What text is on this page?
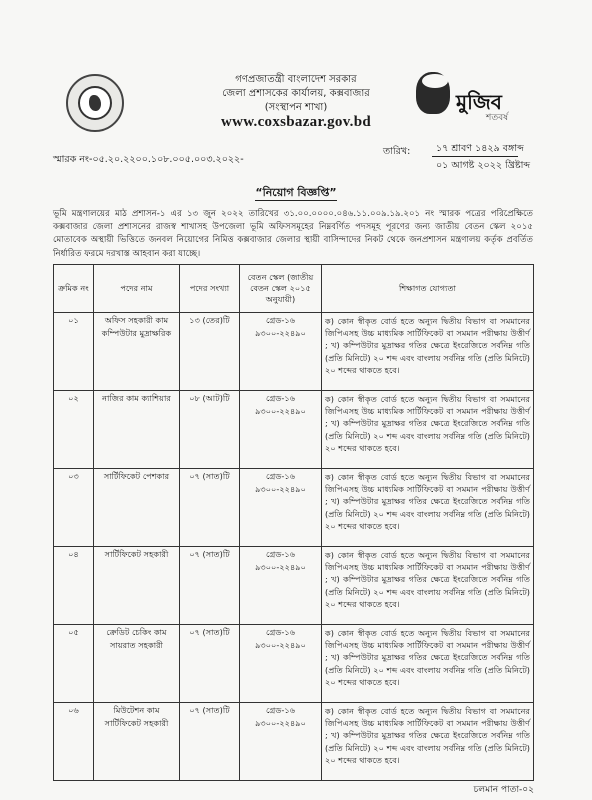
মুজিব
শতবর্ষ
গণপ্রজাতন্ত্রী বাংলাদেশ সরকার
জেলা প্রশাসকের কার্যালয়, কক্সবাজার
(সংস্থাপন শাখা)
www.coxsbazar.gov.bd
স্মারক নং-০৫.২০.২২০০.১০৮.০০৫.০০৩.২০২২-
তারিখ:	১৭ শ্রাবণ ১৪২৯ বঙ্গাব্দ
০১ আগষ্ট ২০২২ খ্রিষ্টাব্দ
“নিয়োগ বিজ্ঞপ্তি”
ভূমি মন্ত্রণালয়ের মাঠ প্রশাসন-১ এর ১৩ জুন ২০২২ তারিখের ৩১.০০.০০০০.০৪৬.১১.০০৯.১৯.২০১ নং স্মারক পত্রের পরিপ্রেক্ষিতে কক্সবাজার জেলা প্রশাসনের রাজস্ব শাখাসহ উপজেলা ভূমি অফিসসমূহের নিম্নবর্ণিত পদসমূহ পূরণের জন্য জাতীয় বেতন স্কেল ২০১৫ মোতাবেক অস্থায়ী ভিত্তিতে জনবল নিয়োগের নিমিত্ত কক্সবাজার জেলার স্থায়ী বাসিন্দাদের নিকট থেকে জনপ্রশাসন মন্ত্রণালয় কর্তৃক প্রবর্তিত নির্ধারিত ফরমে দরখাস্ত আহবান করা যাচ্ছে।
ক্রমিক নং	পদের নাম	পদের সংখ্যা	বেতন স্কেল (জাতীয় বেতন স্কেল ২০১৫ অনুযায়ী)	শিক্ষাগত যোগ্যতা
০১	অফিস সহকারী কাম কম্পিউটার মুদ্রাক্ষরিক	১৩ (তের)টি	গ্রেড-১৬
৯৩০০-২২৪৯০	ক) কোন স্বীকৃত বোর্ড হতে অন্যুন দ্বিতীয় বিভাগ বা সমমানের জিপিএসহ উচ্চ মাধ্যমিক সার্টিফিকেট বা সমমান পরীক্ষায় উত্তীর্ণ ; খ) কম্পিউটার মুদ্রাক্ষর গতির ক্ষেত্রে ইংরেজিতে সর্বনিম্ন গতি (প্রতি মিনিটে) ২০ শব্দ এবং বাংলায় সর্বনিম্ন গতি (প্রতি মিনিটে) ২০ শব্দের থাকতে হবে।
০২	নাজির কাম ক্যাশিয়ার	০৮ (আট)টি	গ্রেড-১৬
৯৩০০-২২৪৯০	ক) কোন স্বীকৃত বোর্ড হতে অন্যুন দ্বিতীয় বিভাগ বা সমমানের জিপিএসহ উচ্চ মাধ্যমিক সার্টিফিকেট বা সমমান পরীক্ষায় উত্তীর্ণ ; খ) কম্পিউটার মুদ্রাক্ষর গতির ক্ষেত্রে ইংরেজিতে সর্বনিম্ন গতি (প্রতি মিনিটে) ২০ শব্দ এবং বাংলায় সর্বনিম্ন গতি (প্রতি মিনিটে) ২০ শব্দের থাকতে হবে।
০৩	সার্টিফিকেট পেশকার	০৭ (সাত)টি	গ্রেড-১৬
৯৩০০-২২৪৯০	ক) কোন স্বীকৃত বোর্ড হতে অন্যুন দ্বিতীয় বিভাগ বা সমমানের জিপিএসহ উচ্চ মাধ্যমিক সার্টিফিকেট বা সমমান পরীক্ষায় উত্তীর্ণ ; খ) কম্পিউটার মুদ্রাক্ষর গতির ক্ষেত্রে ইংরেজিতে সর্বনিম্ন গতি (প্রতি মিনিটে) ২০ শব্দ এবং বাংলায় সর্বনিম্ন গতি (প্রতি মিনিটে) ২০ শব্দের থাকতে হবে।
০৪	সার্টিফিকেট সহকারী	০৭ (সাত)টি	গ্রেড-১৬
৯৩০০-২২৪৯০	ক) কোন স্বীকৃত বোর্ড হতে অন্যুন দ্বিতীয় বিভাগ বা সমমানের জিপিএসহ উচ্চ মাধ্যমিক সার্টিফিকেট বা সমমান পরীক্ষায় উত্তীর্ণ ; খ) কম্পিউটার মুদ্রাক্ষর গতির ক্ষেত্রে ইংরেজিতে সর্বনিম্ন গতি (প্রতি মিনিটে) ২০ শব্দ এবং বাংলায় সর্বনিম্ন গতি (প্রতি মিনিটে) ২০ শব্দের থাকতে হবে।
০৫	ক্রেডিট চেকিং কাম সায়রাত সহকারী	০৭ (সাত)টি	গ্রেড-১৬
৯৩০০-২২৪৯০	ক) কোন স্বীকৃত বোর্ড হতে অন্যুন দ্বিতীয় বিভাগ বা সমমানের জিপিএসহ উচ্চ মাধ্যমিক সার্টিফিকেট বা সমমান পরীক্ষায় উত্তীর্ণ ; খ) কম্পিউটার মুদ্রাক্ষর গতির ক্ষেত্রে ইংরেজিতে সর্বনিম্ন গতি (প্রতি মিনিটে) ২০ শব্দ এবং বাংলায় সর্বনিম্ন গতি (প্রতি মিনিটে) ২০ শব্দের থাকতে হবে।
০৬	মিউটেশন কাম সার্টিফিকেট সহকারী	০৭ (সাত)টি	গ্রেড-১৬
৯৩০০-২২৪৯০	ক) কোন স্বীকৃত বোর্ড হতে অন্যুন দ্বিতীয় বিভাগ বা সমমানের জিপিএসহ উচ্চ মাধ্যমিক সার্টিফিকেট বা সমমান পরীক্ষায় উত্তীর্ণ ; খ) কম্পিউটার মুদ্রাক্ষর গতির ক্ষেত্রে ইংরেজিতে সর্বনিম্ন গতি (প্রতি মিনিটে) ২০ শব্দ এবং বাংলায় সর্বনিম্ন গতি (প্রতি মিনিটে) ২০ শব্দের থাকতে হবে।
চলমান পাতা-০২
